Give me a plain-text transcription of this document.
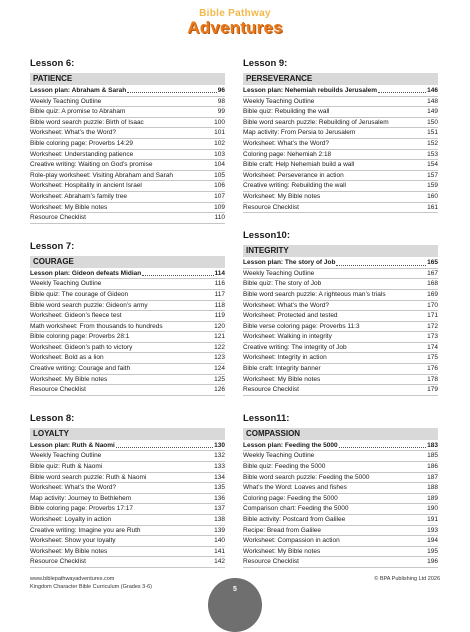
Bible Pathway
Adventures
Lesson 6:
PATIENCE
Lesson plan: Abraham & Sarah	96
Weekly Teaching Outline	98
Bible quiz: A promise to Abraham	99
Bible word search puzzle: Birth of Isaac	100
Worksheet: What’s the Word?	101
Bible coloring page: Proverbs 14:29	102
Worksheet: Understanding patience	103
Creative writing: Waiting on God’s promise	104
Role-play worksheet: Visiting Abraham and Sarah	105
Worksheet: Hospitality in ancient Israel	106
Worksheet: Abraham’s family tree	107
Worksheet: My Bible notes	109
Resource Checklist	110
Lesson 7:
COURAGE
Lesson plan: Gideon defeats Midian	114
Weekly Teaching Outline	116
Bible quiz: The courage of Gideon	117
Bible word search puzzle: Gideon’s army	118
Worksheet: Gideon’s fleece test	119
Math worksheet: From thousands to hundreds	120
Bible coloring page: Proverbs 28:1	121
Worksheet: Gideon’s path to victory	122
Worksheet: Bold as a lion	123
Creative writing: Courage and faith	124
Worksheet: My Bible notes	125
Resource Checklist	126
Lesson 8:
LOYALTY
Lesson plan: Ruth & Naomi	130
Weekly Teaching Outline	132
Bible quiz: Ruth & Naomi	133
Bible word search puzzle: Ruth & Naomi	134
Worksheet: What’s the Word?	135
Map activity: Journey to Bethlehem	136
Bible coloring page: Proverbs 17:17	137
Worksheet: Loyalty in action	138
Creative writing: Imagine you are Ruth	139
Worksheet: Show your loyalty	140
Worksheet: My Bible notes	141
Resource Checklist	142
Lesson 9:
PERSEVERANCE
Lesson plan: Nehemiah rebuilds Jerusalem	146
Weekly Teaching Outline	148
Bible quiz: Rebuilding the wall	149
Bible word search puzzle: Rebuilding of Jerusalem	150
Map activity: From Persia to Jerusalem	151
Worksheet: What’s the Word?	152
Coloring page: Nehemiah 2:18	153
Bible craft: Help Nehemiah build a wall	154
Worksheet: Perseverance in action	157
Creative writing: Rebuilding the wall	159
Worksheet: My Bible notes	160
Resource Checklist	161
Lesson10:
INTEGRITY
Lesson plan: The story of Job	165
Weekly Teaching Outline	167
Bible quiz: The story of Job	168
Bible word search puzzle: A righteous man’s trials	169
Worksheet: What’s the Word?	170
Worksheet: Protected and tested	171
Bible verse coloring page: Proverbs 11:3	172
Worksheet: Walking in integrity	173
Creative writing: The integrity of Job	174
Worksheet: Integrity in action	175
Bible craft: Integrity banner	176
Worksheet: My Bible notes	178
Resource Checklist	179
Lesson11:
COMPASSION
Lesson plan: Feeding the 5000	183
Weekly Teaching Outline	185
Bible quiz: Feeding the 5000	186
Bible word search puzzle: Feeding the 5000	187
What’s the Word: Loaves and fishes	188
Coloring page: Feeding the 5000	189
Comparison chart: Feeding the 5000	190
Bible activity: Postcard from Galilee	191
Recipe: Bread from Galilee	193
Worksheet: Compassion in action	194
Worksheet: My Bible notes	195
Resource Checklist	196
www.biblepathwayadventures.com
Kingdom Character Bible Curriculum (Grades 3-6)
© BPA Publishing Ltd 2026
5
